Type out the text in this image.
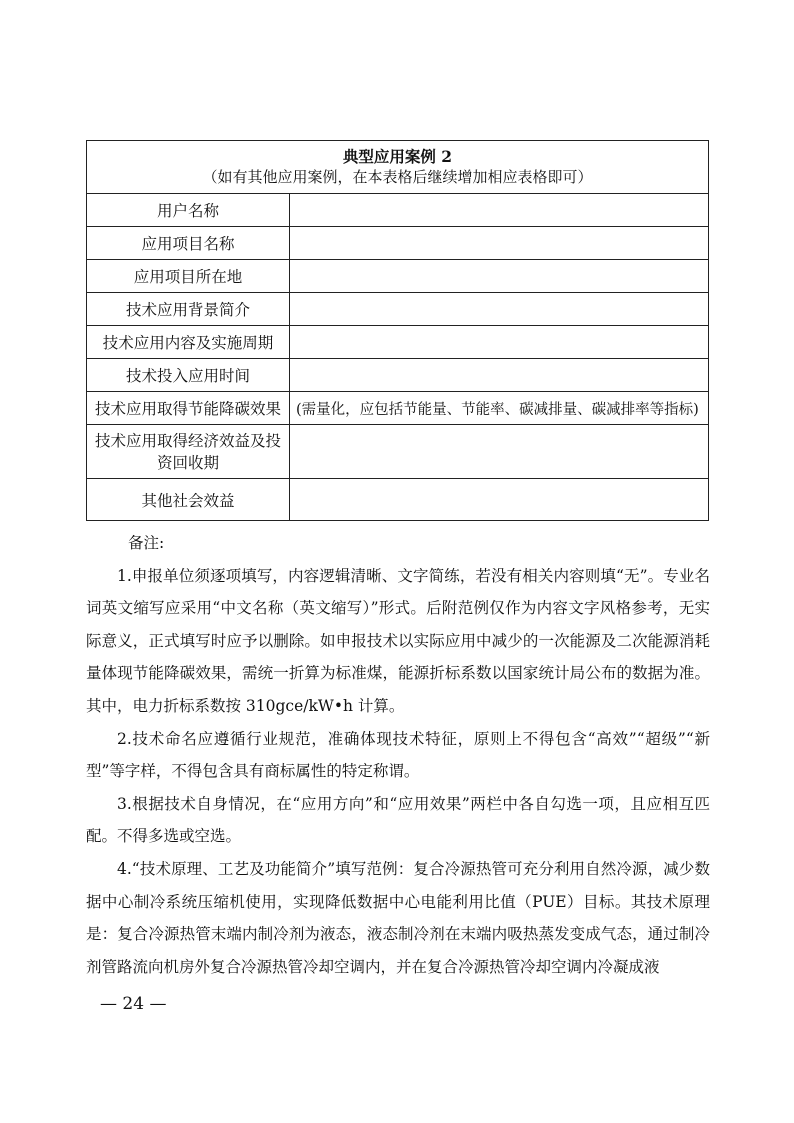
典型应用案例 2
（如有其他应用案例，在本表格后继续增加相应表格即可）	

用户名称	
应用项目名称	
应用项目所在地	
技术应用背景简介	
技术应用内容及实施周期	
技术投入应用时间	
技术应用取得节能降碳效果	(需量化，应包括节能量、节能率、碳减排量、碳减排率等指标)
技术应用取得经济效益及投资回收期	
其他社会效益	

备注:

1.申报单位须逐项填写，内容逻辑清晰、文字简练，若没有相关内容则填“无”。专业名词英文缩写应采用“中文名称（英文缩写）”形式。后附范例仅作为内容文字风格参考，无实际意义，正式填写时应予以删除。如申报技术以实际应用中减少的一次能源及二次能源消耗量体现节能降碳效果，需统一折算为标准煤，能源折标系数以国家统计局公布的数据为准。其中，电力折标系数按 310gce/kW•h 计算。

2.技术命名应遵循行业规范，准确体现技术特征，原则上不得包含“高效”“超级”“新型”等字样，不得包含具有商标属性的特定称谓。

3.根据技术自身情况，在“应用方向”和“应用效果”两栏中各自勾选一项，且应相互匹配。不得多选或空选。

4.“技术原理、工艺及功能简介”填写范例：复合冷源热管可充分利用自然冷源，减少数据中心制冷系统压缩机使用，实现降低数据中心电能利用比值（PUE）目标。其技术原理是：复合冷源热管末端内制冷剂为液态，液态制冷剂在末端内吸热蒸发变成气态，通过制冷剂管路流向机房外复合冷源热管冷却空调内，并在复合冷源热管冷却空调内冷凝成液

— 24 —
